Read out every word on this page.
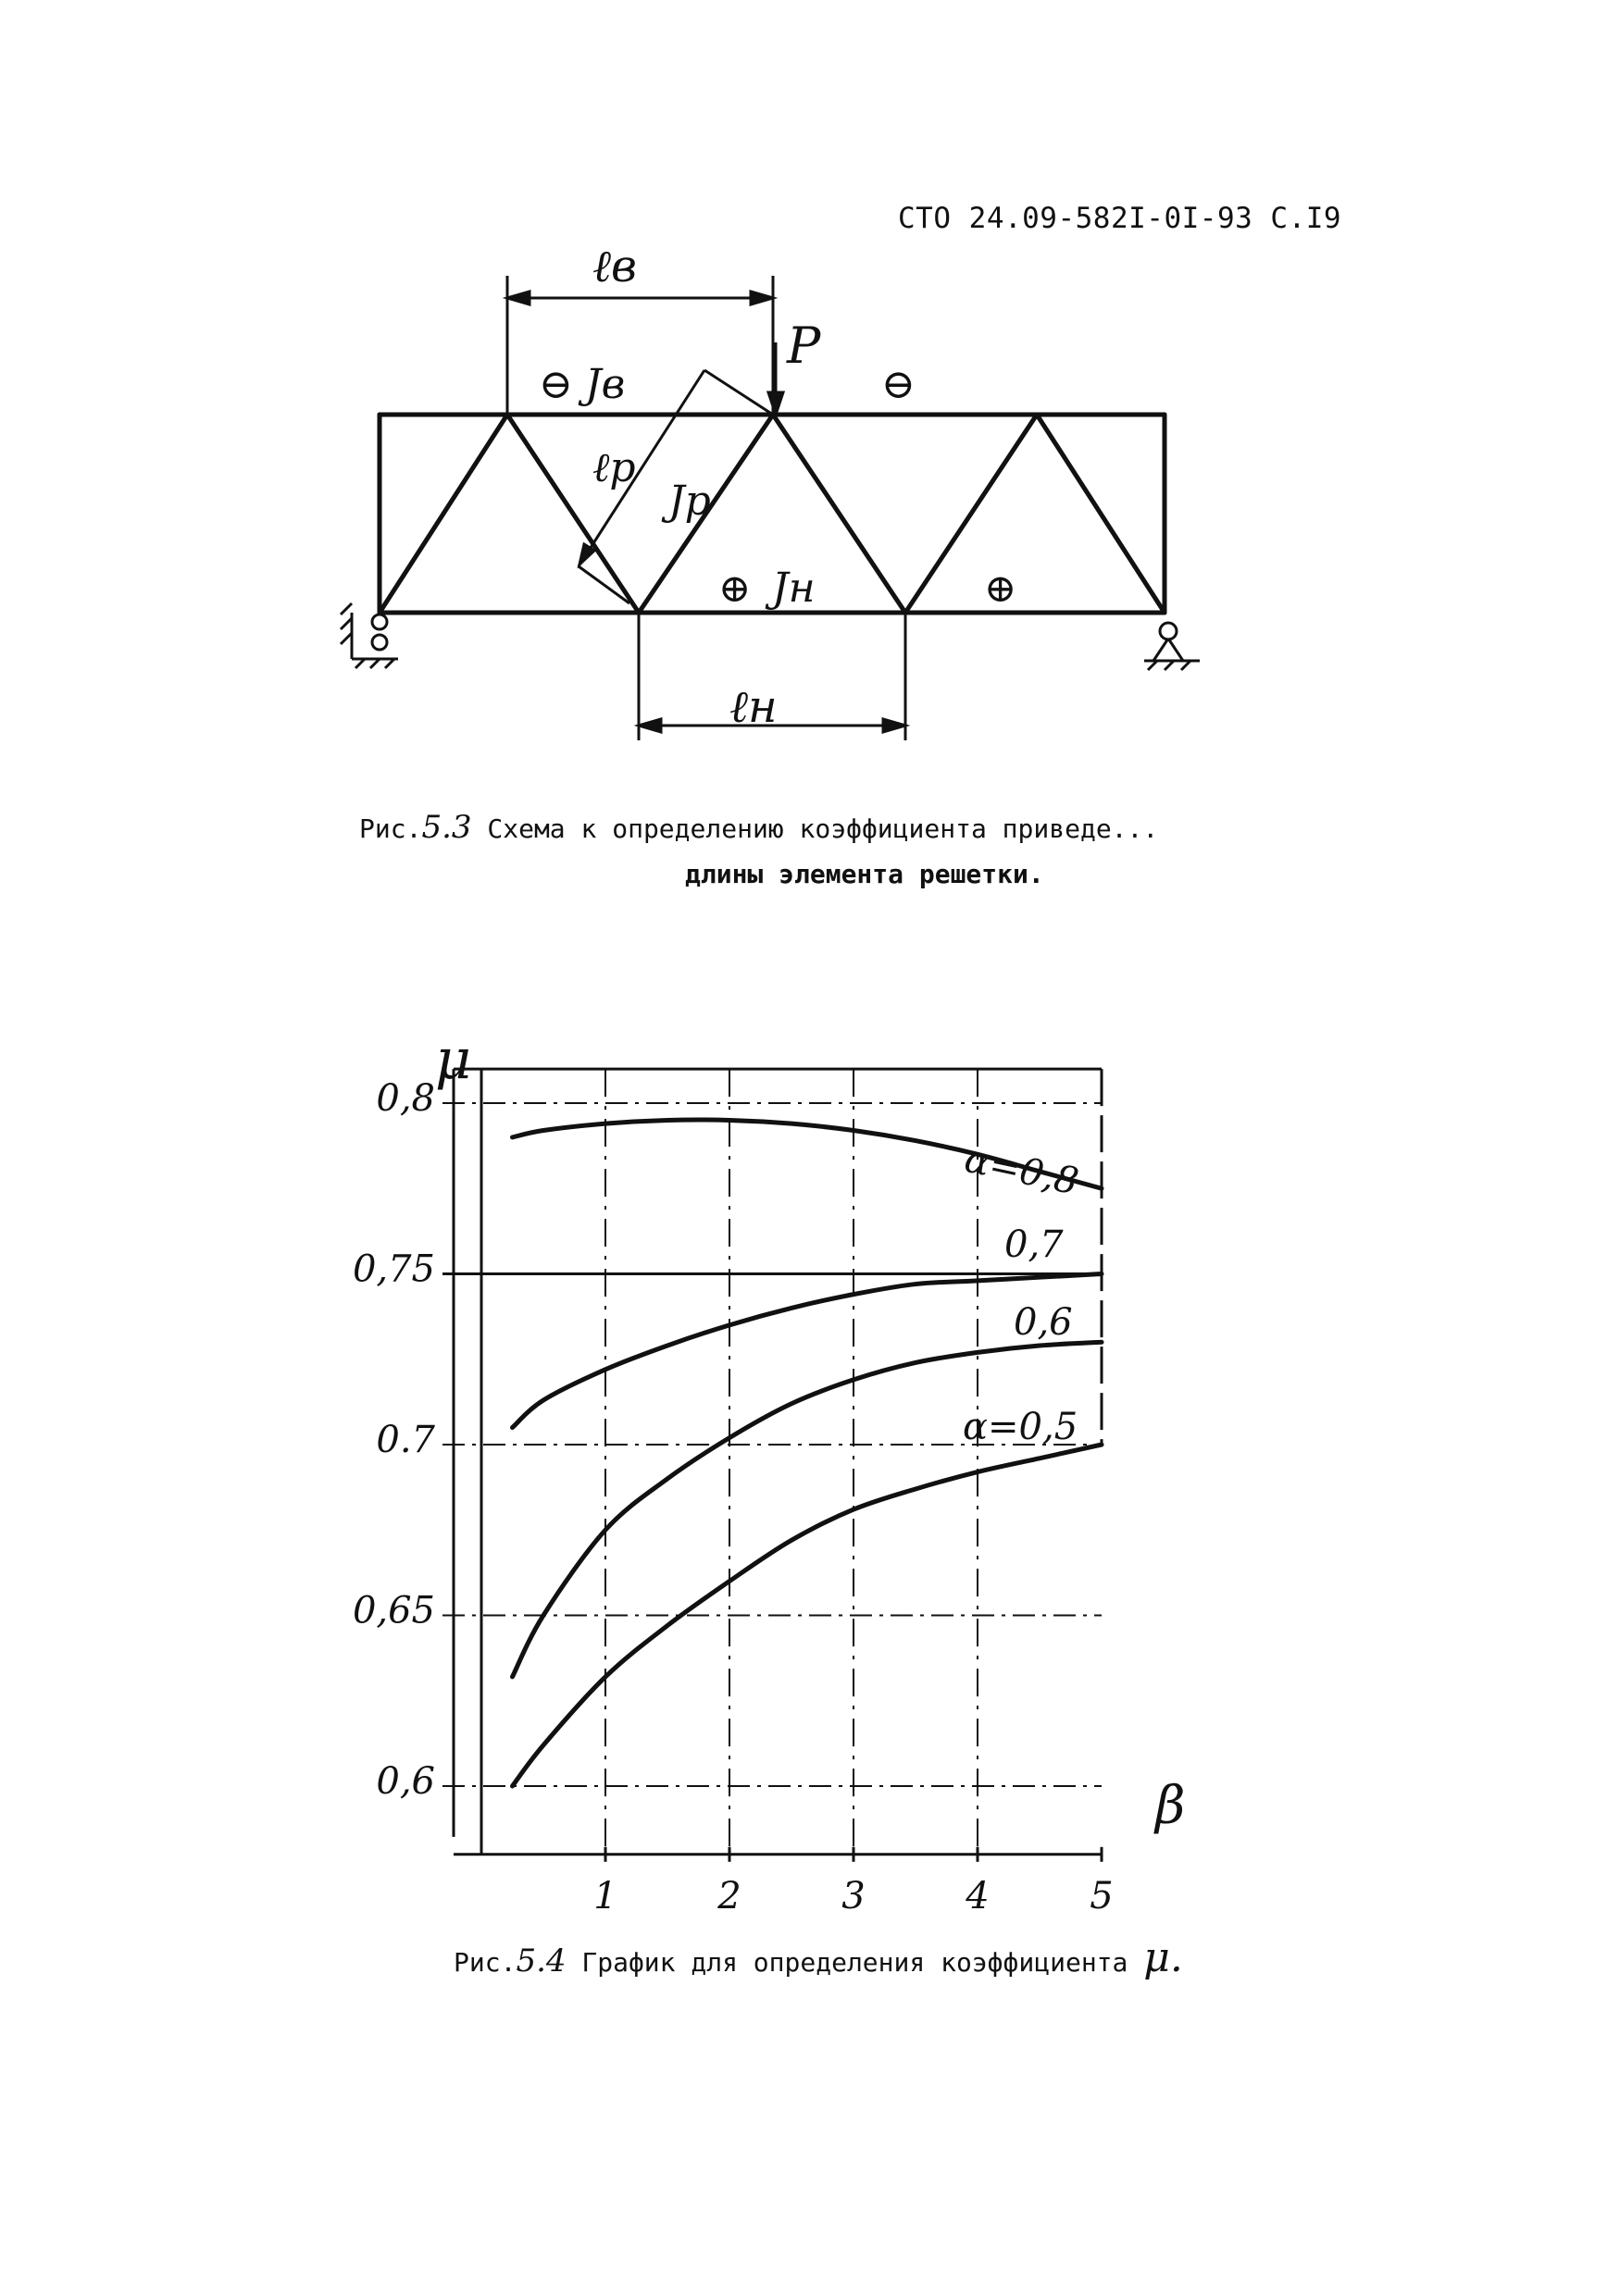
СТО 24.09-582I-0I-93 С.I9
ℓв
P
⊖ Jв	⊖
ℓр
Jр
⊕ Jн	⊕
ℓн
Рис.5.3 Схема к определению коэффициента приведе...
длины элемента решетки.
0,8
0,75
0.7
0,65
0,6
1	2	3	4	5
μ
β
α=0,8
0,7
0,6
α=0,5
Рис.5.4 График для определения коэффициента μ.
